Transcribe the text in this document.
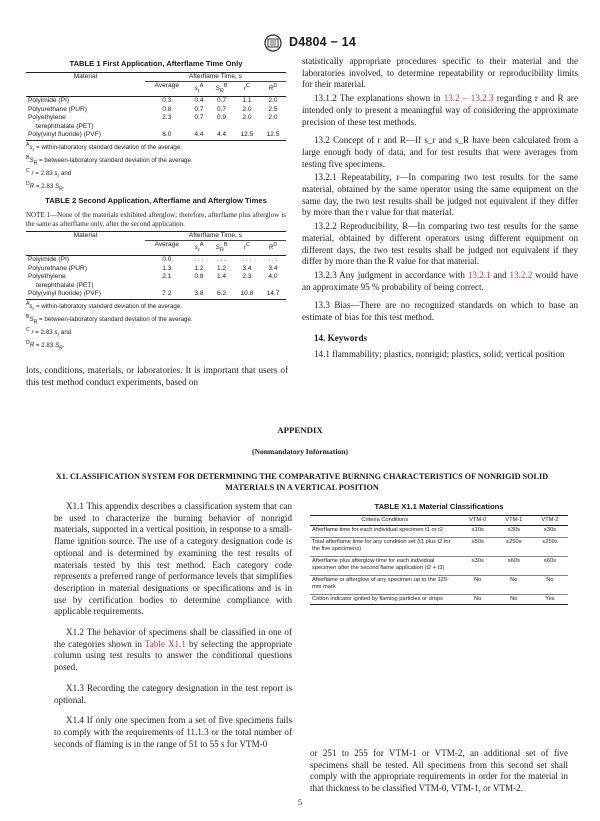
D4804 − 14
TABLE 1 First Application, Afterflame Time Only
Material	Afterflame Time, s				
	Average	$s_r^A$	$S_R^B$	$r^C$	$R^D$
Polyimide (PI)	0.3	0.4	0.7	1.1	2.0
Polyurethane (PUR)	0.8	0.7	0.7	2.0	2.5
Polyethylene	2.3	0.7	0.9	2.0	2.0
terephthalate (PET)					
Poly(vinyl fluoride) (PVF)	6.0	4.4	4.4	12.5	12.5
$^As_r$ = within-laboratory standard deviation of the average.
$^BS_R$ = between-laboratory standard deviation of the average.
$^C$ r = 2.83 $s_r$ and
$^D$R = 2.83 $S_R$.
TABLE 2 Second Application, Afterflame and Afterglow Times
NOTE 1—None of the materials exhibited afterglow; therefore, afterflame plus afterglow is the same as afterflame only, after the second application.
Material	Afterflame Time, s				
	Average	$s_r^A$	$S_R^B$	$r^C$	$R^D$
Polyimide (PI)	0.0	. . .	. . .	. . .	. . .
Polyurethane (PUR)	1.3	1.2	1.2	3.4	3.4
Polyethylene	2.1	0.8	1.4	2.3	4.0
terephthalate (PET)					
Poly(vinyl fluoride) (PVF)	7.2	3.8	6.2	10.8	14.7
$^As_r$ = within-laboratory standard deviation of the average.
$^BS_R$ = between-laboratory standard deviation of the average.
$^C$ r = 2.83 $s_r$ and
$^D$R = 2.83 $S_R$.
lots, conditions, materials, or laboratories. It is important that users of this test method conduct experiments, based on

statistically appropriate procedures specific to their material and the laboratories involved, to determine repeatability or reproducibility limits for their material.

13.1.2 The explanations shown in 13.2 – 13.2.3 regarding r and R are intended only to present a meaningful way of considering the approximate precision of these test methods.

13.2 Concept of r and R—If s_r and s_R have been calculated from a large enough body of data, and for test results that were averages from testing five specimens.

13.2.1 Repeatability, r—In comparing two test results for the same material, obtained by the same operator using the same equipment on the same day, the two test results shall be judged not equivalent if they differ by more than the r value for that material.

13.2.2 Reproducibility, R—In comparing two test results for the same material, obtained by different operators using different equipment on different days, the two test results shall be judged not equivalent if they differ by more than the R value for that material.

13.2.3 Any judgment in accordance with 13.2.1 and 13.2.2 would have an approximate 95 % probability of being correct.

13.3 Bias—There are no recognized standards on which to base an estimate of bias for this test method.

14. Keywords

14.1 flammability; plastics, nonrigid; plastics, solid; vertical position

APPENDIX
(Nonmandatory Information)
X1. CLASSIFICATION SYSTEM FOR DETERMINING THE COMPARATIVE BURNING CHARACTERISTICS OF NONRIGID SOLID MATERIALS IN A VERTICAL POSITION

X1.1 This appendix describes a classification system that can be used to characterize the burning behavior of nonrigid materials, supported in a vertical position, in response to a small-flame ignition source. The use of a category designation code is optional and is determined by examining the test results of materials tested by this test method. Each category code represents a preferred range of performance levels that simplifies description in material designations or specifications and is in use by certification bodies to determine compliance with applicable requirements.

X1.2 The behavior of specimens shall be classified in one of the categories shown in Table X1.1 by selecting the appropriate column using test results to answer the conditional questions posed.

X1.3 Recording the category designation in the test report is optional.

X1.4 If only one specimen from a set of five specimens fails to comply with the requirements of 11.1.3 or the total number of seconds of flaming is in the range of 51 to 55 s for VTM-0

TABLE X1.1 Material Classifications
Criteria Conditions	VTM-0	VTM-1	VTM-2
Afterflame time for each individual specimen t1 or t2	≤10s	≤30s	≤30s
Total afterflame time for any condition set (t1 plus t2 for the five specimens)	≤50s	≤250s	≤250s
Afterflame plus afterglow time for each individual specimen after the second flame application (t2 + t3)	≤30s	≤60s	≤60s
Afterflame or afterglow of any specimen up to the 125-mm mark	No	No	No
Cotton indicator ignited by flaming particles or drops	No	No	Yes
or 251 to 255 for VTM-1 or VTM-2, an additional set of five specimens shall be tested. All specimens from this second set shall comply with the appropriate requirements in order for the material in that thickness to be classified VTM-0, VTM-1, or VTM-2.
5
